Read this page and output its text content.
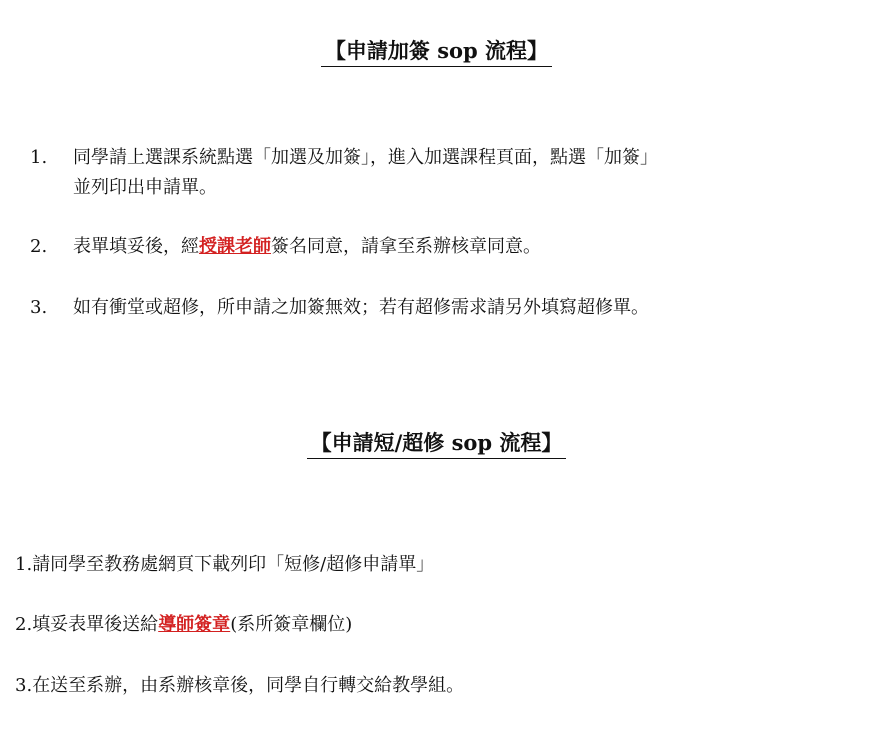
【申請加簽 sop 流程】
1. 同學請上選課系統點選「加選及加簽」，進入加選課程頁面，點選「加簽」
並列印出申請單。
2. 表單填妥後，經授課老師簽名同意，請拿至系辦核章同意。
3. 如有衝堂或超修，所申請之加簽無效；若有超修需求請另外填寫超修單。
【申請短/超修 sop 流程】
1.請同學至教務處網頁下載列印「短修/超修申請單」
2.填妥表單後送給導師簽章(系所簽章欄位)
3.在送至系辦，由系辦核章後，同學自行轉交給教學組。
